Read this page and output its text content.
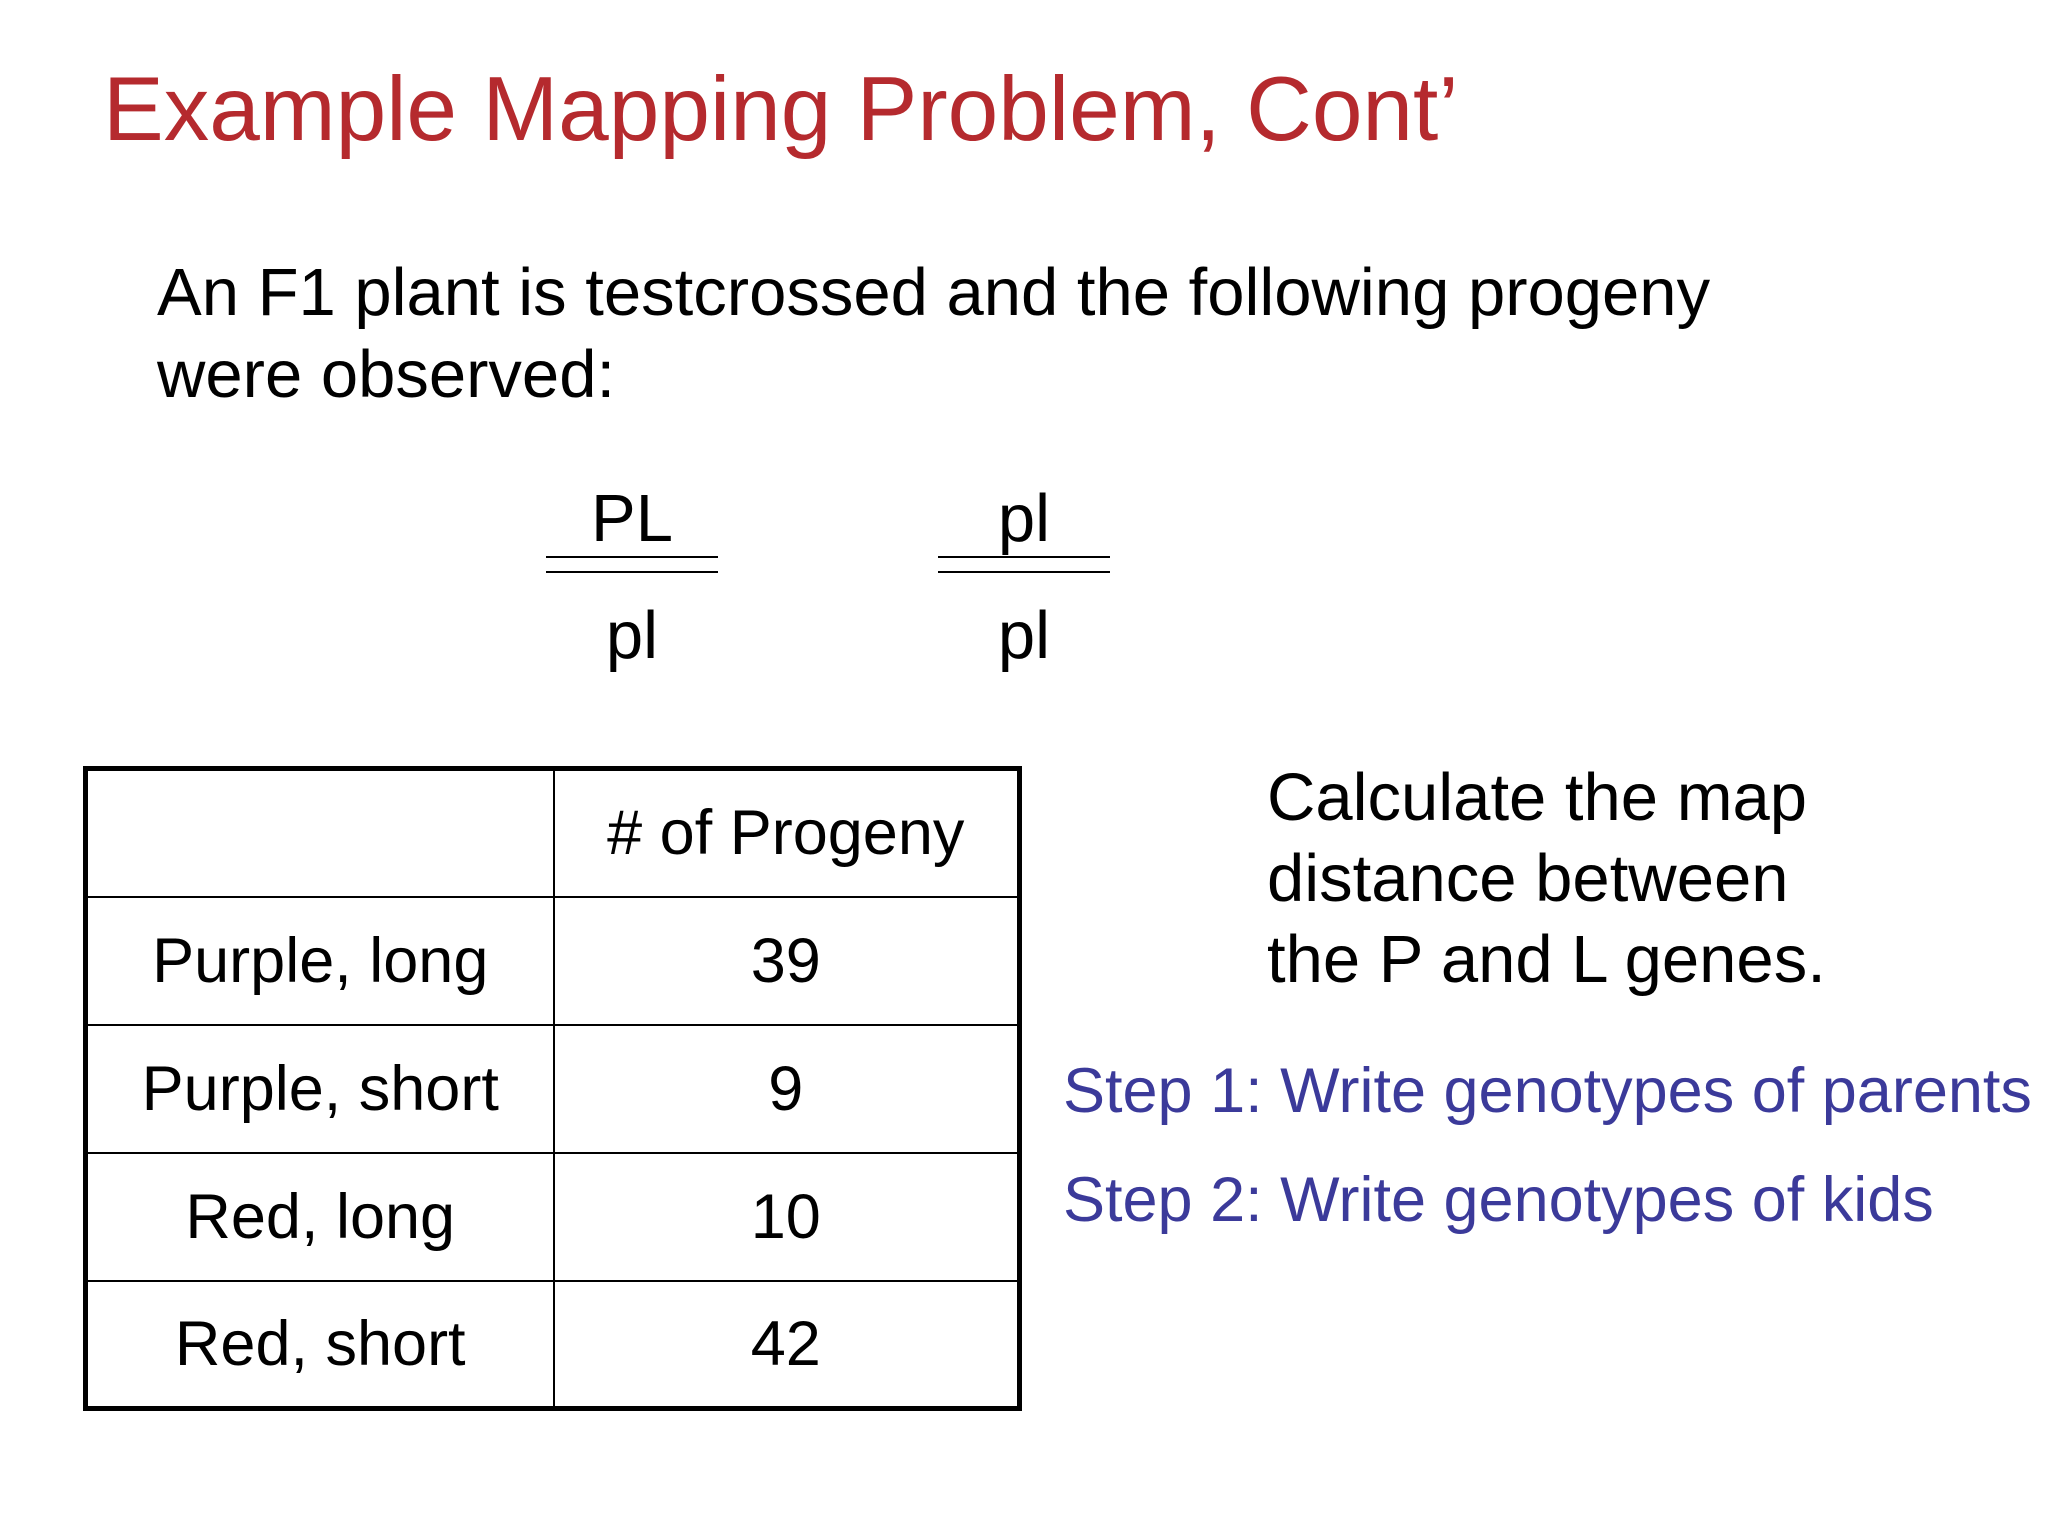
Example Mapping Problem, Cont’
An F1 plant is testcrossed and the following progeny
were observed:
PL
pl
pl
pl
	# of Progeny
Purple, long	39
Purple, short	9
Red, long	10
Red, short	42
Calculate the map
distance between
the P and L genes.
Step 1: Write genotypes of parents
Step 2: Write genotypes of kids
